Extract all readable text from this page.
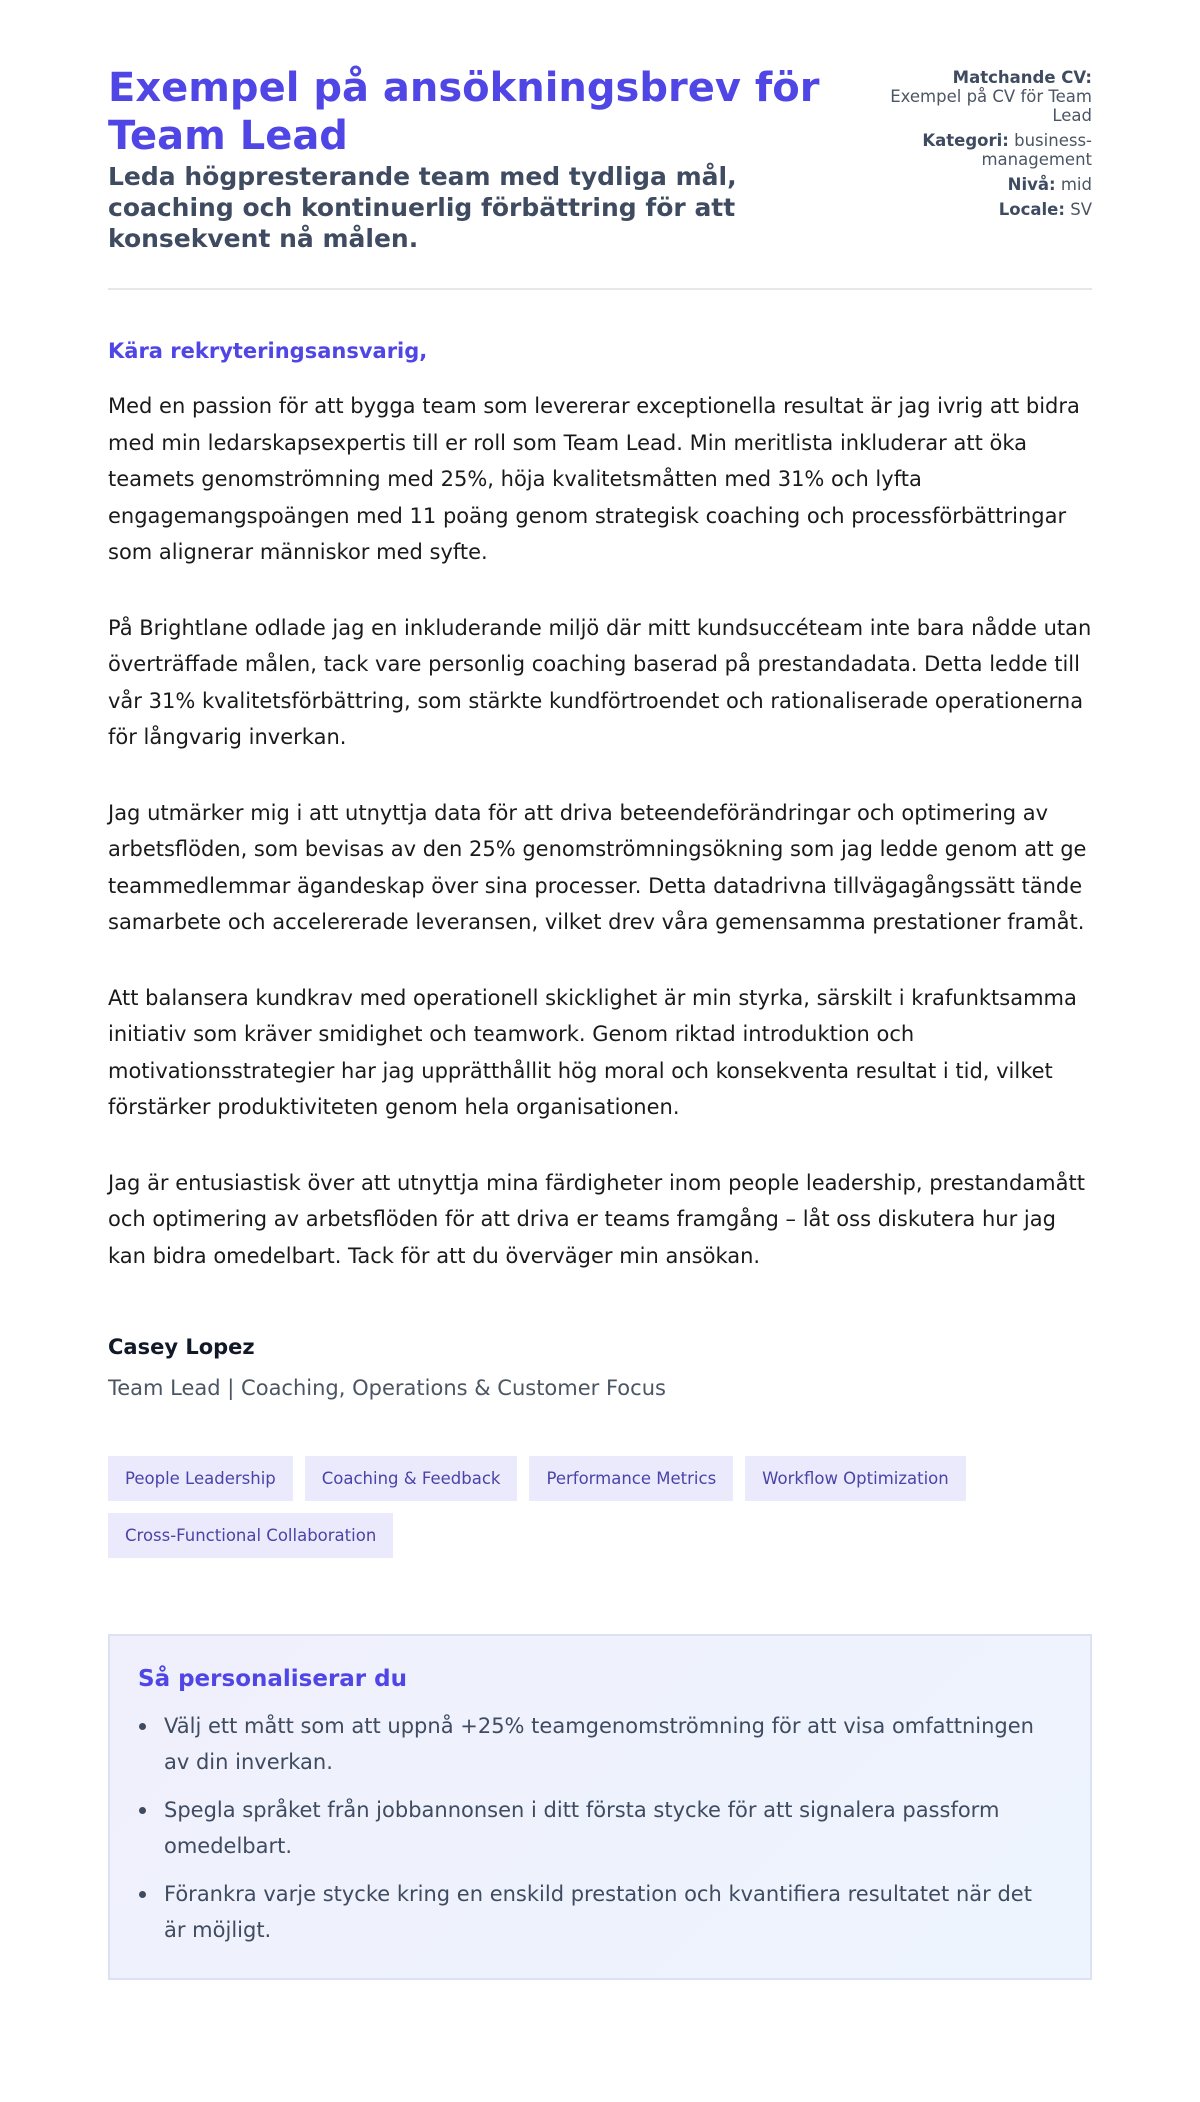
Exempel på ansökningsbrev för Team Lead
Leda högpresterande team med tydliga mål, coaching och kontinuerlig förbättring för att konsekvent nå målen.
Matchande CV:
Exempel på CV för Team Lead
Kategori: business-management
Nivå: mid
Locale: SV
Kära rekryteringsansvarig,

Med en passion för att bygga team som levererar exceptionella resultat är jag ivrig att bidra med min ledarskapsexpertis till er roll som Team Lead. Min meritlista inkluderar att öka teamets genomströmning med 25%, höja kvalitetsmåtten med 31% och lyfta engagemangspoängen med 11 poäng genom strategisk coaching och processförbättringar som alignerar människor med syfte.

På Brightlane odlade jag en inkluderande miljö där mitt kundsuccéteam inte bara nådde utan överträffade målen, tack vare personlig coaching baserad på prestandadata. Detta ledde till vår 31% kvalitetsförbättring, som stärkte kundförtroendet och rationaliserade operationerna för långvarig inverkan.

Jag utmärker mig i att utnyttja data för att driva beteendeförändringar och optimering av arbetsflöden, som bevisas av den 25% genomströmningsökning som jag ledde genom att ge teammedlemmar ägandeskap över sina processer. Detta datadrivna tillvägagångssätt tände samarbete och accelererade leveransen, vilket drev våra gemensamma prestationer framåt.

Att balansera kundkrav med operationell skicklighet är min styrka, särskilt i krafunktsamma initiativ som kräver smidighet och teamwork. Genom riktad introduktion och motivationsstrategier har jag upprätthållit hög moral och konsekventa resultat i tid, vilket förstärker produktiviteten genom hela organisationen.

Jag är entusiastisk över att utnyttja mina färdigheter inom people leadership, prestandamått och optimering av arbetsflöden för att driva er teams framgång – låt oss diskutera hur jag kan bidra omedelbart. Tack för att du överväger min ansökan.

Casey Lopez
Team Lead | Coaching, Operations & Customer Focus
People Leadership	Coaching & Feedback	Performance Metrics	Workflow Optimization
Cross-Functional Collaboration
Så personaliserar du
Välj ett mått som att uppnå +25% teamgenomströmning för att visa omfattningen av din inverkan.
Spegla språket från jobbannonsen i ditt första stycke för att signalera passform omedelbart.
Förankra varje stycke kring en enskild prestation och kvantifiera resultatet när det är möjligt.
